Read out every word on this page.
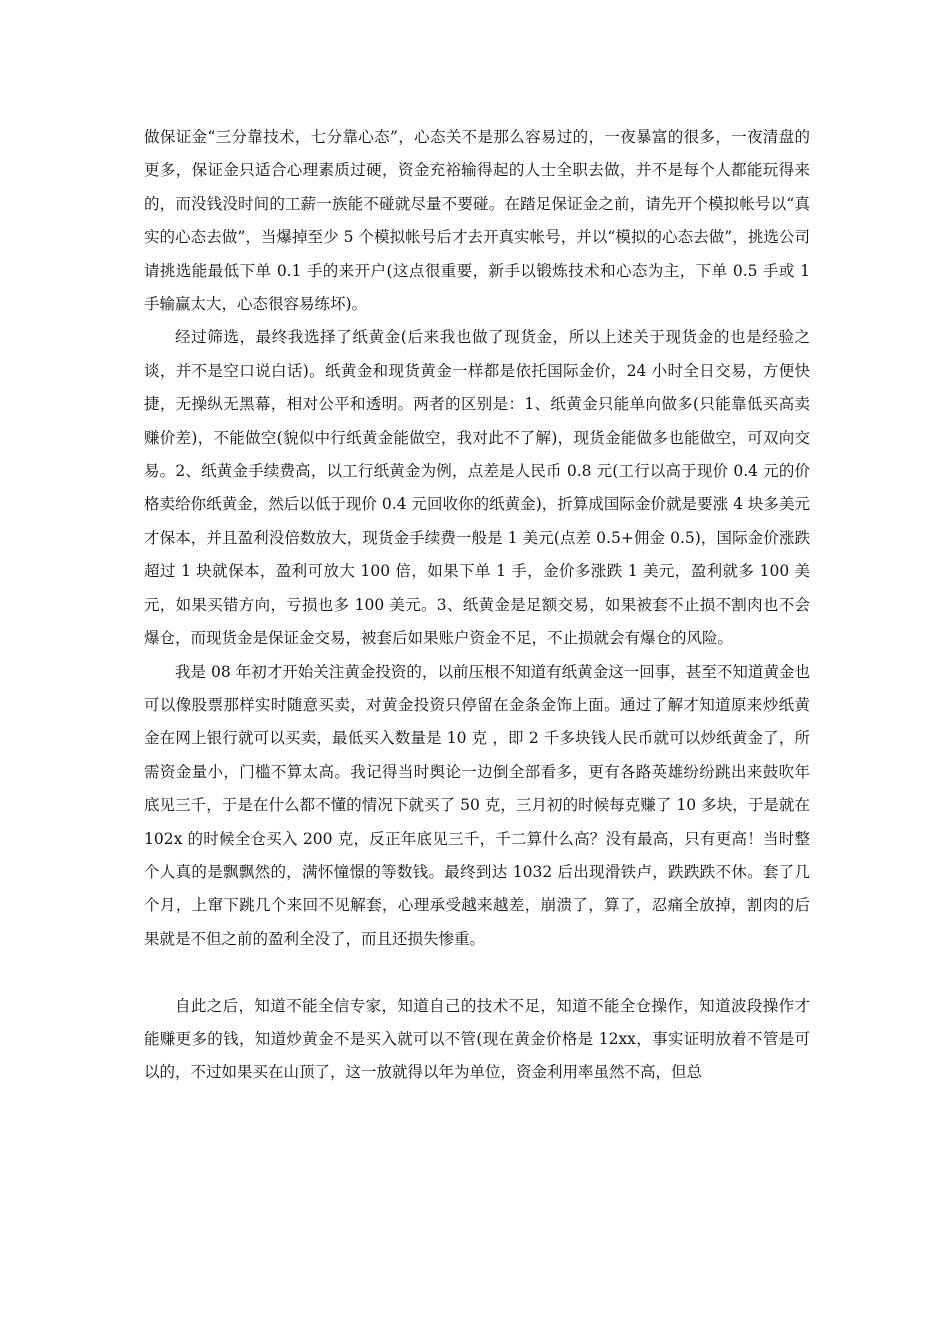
做保证金“三分靠技术，七分靠心态”，心态关不是那么容易过的，一夜暴富的很多，一夜清盘的更多，保证金只适合心理素质过硬，资金充裕输得起的人士全职去做，并不是每个人都能玩得来的，而没钱没时间的工薪一族能不碰就尽量不要碰。在踏足保证金之前，请先开个模拟帐号以“真实的心态去做”，当爆掉至少 5 个模拟帐号后才去开真实帐号，并以“模拟的心态去做”，挑选公司请挑选能最低下单 0.1 手的来开户(这点很重要，新手以锻炼技术和心态为主，下单 0.5 手或 1 手输赢太大，心态很容易练坏)。

经过筛选，最终我选择了纸黄金(后来我也做了现货金，所以上述关于现货金的也是经验之谈，并不是空口说白话)。纸黄金和现货黄金一样都是依托国际金价，24 小时全日交易，方便快捷，无操纵无黑幕，相对公平和透明。两者的区别是：1、纸黄金只能单向做多(只能靠低买高卖赚价差)，不能做空(貌似中行纸黄金能做空，我对此不了解)，现货金能做多也能做空，可双向交易。2、纸黄金手续费高，以工行纸黄金为例，点差是人民币 0.8 元(工行以高于现价 0.4 元的价格卖给你纸黄金，然后以低于现价 0.4 元回收你的纸黄金)，折算成国际金价就是要涨 4 块多美元才保本，并且盈利没倍数放大，现货金手续费一般是 1 美元(点差 0.5+佣金 0.5)，国际金价涨跌超过 1 块就保本，盈利可放大 100 倍，如果下单 1 手，金价多涨跌 1 美元，盈利就多 100 美元，如果买错方向，亏损也多 100 美元。3、纸黄金是足额交易，如果被套不止损不割肉也不会爆仓，而现货金是保证金交易，被套后如果账户资金不足，不止损就会有爆仓的风险。

我是 08 年初才开始关注黄金投资的，以前压根不知道有纸黄金这一回事，甚至不知道黄金也可以像股票那样实时随意买卖，对黄金投资只停留在金条金饰上面。通过了解才知道原来炒纸黄金在网上银行就可以买卖，最低买入数量是 10 克 ，即 2 千多块钱人民币就可以炒纸黄金了，所需资金量小，门槛不算太高。我记得当时舆论一边倒全部看多，更有各路英雄纷纷跳出来鼓吹年底见三千，于是在什么都不懂的情况下就买了 50 克，三月初的时候每克赚了 10 多块，于是就在 102x 的时候全仓买入 200 克，反正年底见三千，千二算什么高？没有最高，只有更高！当时整个人真的是飘飘然的，满怀憧憬的等数钱。最终到达 1032 后出现滑铁卢，跌跌跌不休。套了几个月，上窜下跳几个来回不见解套，心理承受越来越差，崩溃了，算了，忍痛全放掉，割肉的后果就是不但之前的盈利全没了，而且还损失惨重。

自此之后，知道不能全信专家，知道自己的技术不足，知道不能全仓操作，知道波段操作才能赚更多的钱，知道炒黄金不是买入就可以不管(现在黄金价格是 12xx，事实证明放着不管是可以的，不过如果买在山顶了，这一放就得以年为单位，资金利用率虽然不高，但总
